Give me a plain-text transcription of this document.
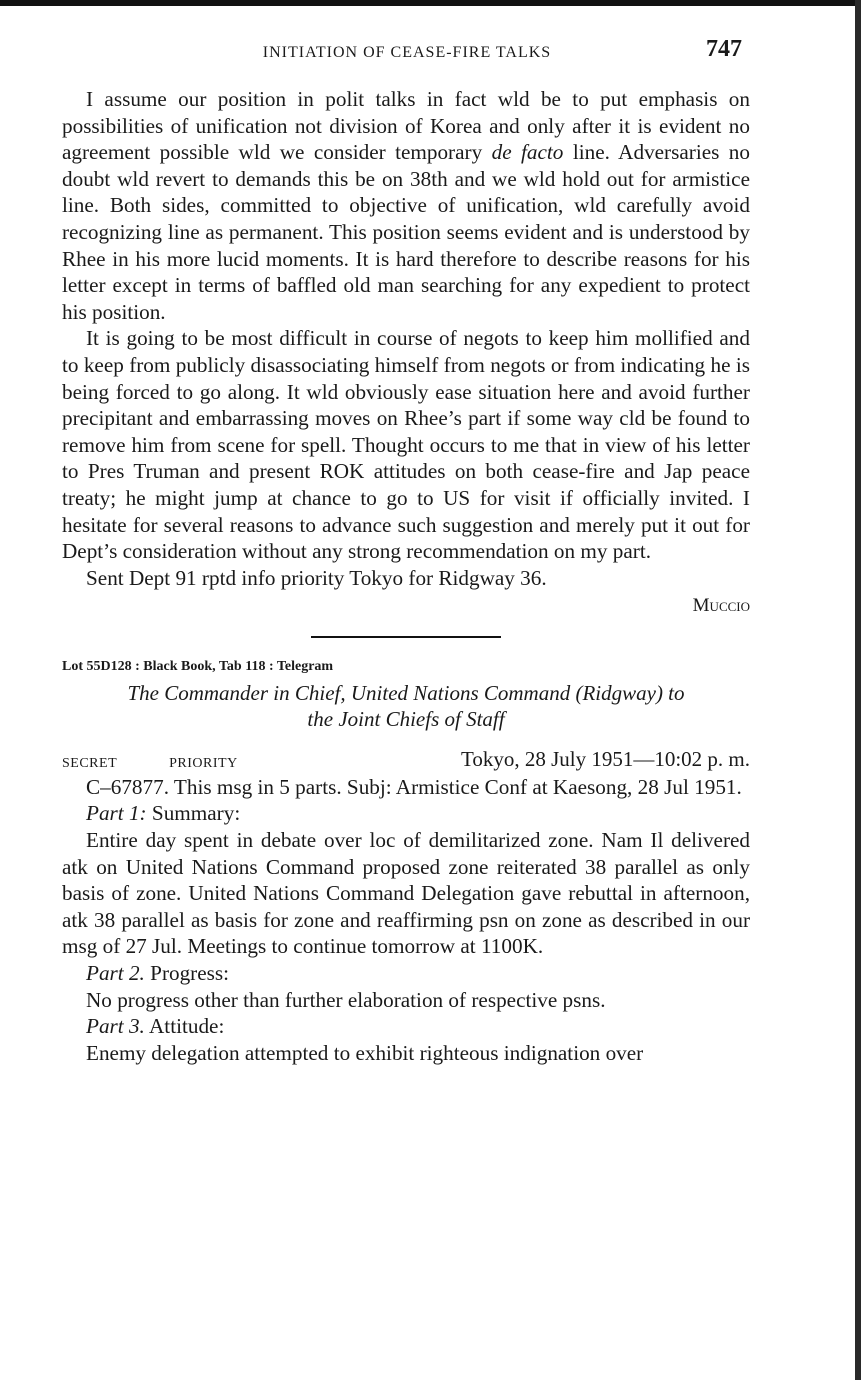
INITIATION OF CEASE-FIRE TALKS	747

I assume our position in polit talks in fact wld be to put emphasis on possibilities of unification not division of Korea and only after it is evident no agreement possible wld we consider temporary de facto line. Adversaries no doubt wld revert to demands this be on 38th and we wld hold out for armistice line. Both sides, committed to objective of unification, wld carefully avoid recognizing line as permanent. This position seems evident and is understood by Rhee in his more lucid moments. It is hard therefore to describe reasons for his letter except in terms of baffled old man searching for any expedient to protect his position.

It is going to be most difficult in course of negots to keep him mollified and to keep from publicly disassociating himself from negots or from indicating he is being forced to go along. It wld obviously ease situation here and avoid further precipitant and embarrassing moves on Rhee’s part if some way cld be found to remove him from scene for spell. Thought occurs to me that in view of his letter to Pres Truman and present ROK attitudes on both cease-fire and Jap peace treaty; he might jump at chance to go to US for visit if officially invited. I hesitate for several reasons to advance such suggestion and merely put it out for Dept’s consideration without any strong recommendation on my part.

Sent Dept 91 rptd info priority Tokyo for Ridgway 36.

Muccio
Lot 55D128 : Black Book, Tab 118 : Telegram
The Commander in Chief, United Nations Command (Ridgway) to
the Joint Chiefs of Staff
SECRET	PRIORITY	Tokyo, 28 July 1951—10:02 p. m.

C–67877. This msg in 5 parts. Subj: Armistice Conf at Kaesong, 28 Jul 1951.

Part 1: Summary:

Entire day spent in debate over loc of demilitarized zone. Nam Il delivered atk on United Nations Command proposed zone reiterated 38 parallel as only basis of zone. United Nations Command Delegation gave rebuttal in afternoon, atk 38 parallel as basis for zone and reaffirming psn on zone as described in our msg of 27 Jul. Meetings to continue tomorrow at 1100K.

Part 2. Progress:

No progress other than further elaboration of respective psns.

Part 3. Attitude:

Enemy delegation attempted to exhibit righteous indignation over
